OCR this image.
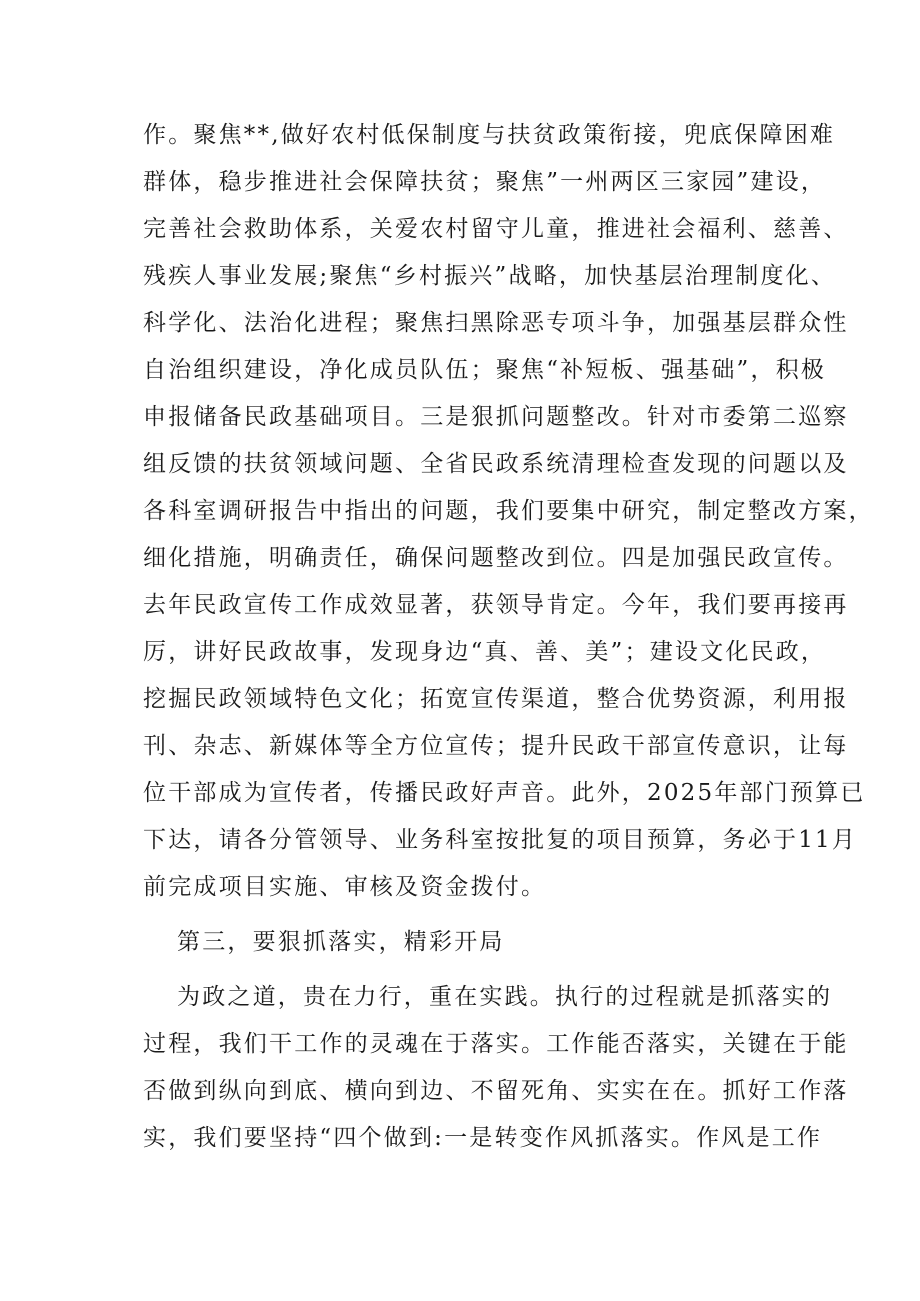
作。聚焦**,做好农村低保制度与扶贫政策衔接，兜底保障困难
群体，稳步推进社会保障扶贫；聚焦”一州两区三家园”建设，
完善社会救助体系，关爱农村留守儿童，推进社会福利、慈善、
残疾人事业发展;聚焦“乡村振兴”战略，加快基层治理制度化、
科学化、法治化进程；聚焦扫黑除恶专项斗争，加强基层群众性
自治组织建设，净化成员队伍；聚焦“补短板、强基础”，积极
申报储备民政基础项目。三是狠抓问题整改。针对市委第二巡察
组反馈的扶贫领域问题、全省民政系统清理检查发现的问题以及
各科室调研报告中指出的问题，我们要集中研究，制定整改方案，
细化措施，明确责任，确保问题整改到位。四是加强民政宣传。
去年民政宣传工作成效显著，获领导肯定。今年，我们要再接再
厉，讲好民政故事，发现身边“真、善、美”；建设文化民政，
挖掘民政领域特色文化；拓宽宣传渠道，整合优势资源，利用报
刊、杂志、新媒体等全方位宣传；提升民政干部宣传意识，让每
位干部成为宣传者，传播民政好声音。此外，2025年部门预算已
下达，请各分管领导、业务科室按批复的项目预算，务必于11月
前完成项目实施、审核及资金拨付。
第三，要狠抓落实，精彩开局
为政之道，贵在力行，重在实践。执行的过程就是抓落实的
过程，我们干工作的灵魂在于落实。工作能否落实，关键在于能
否做到纵向到底、横向到边、不留死角、实实在在。抓好工作落
实，我们要坚持“四个做到:一是转变作风抓落实。作风是工作
